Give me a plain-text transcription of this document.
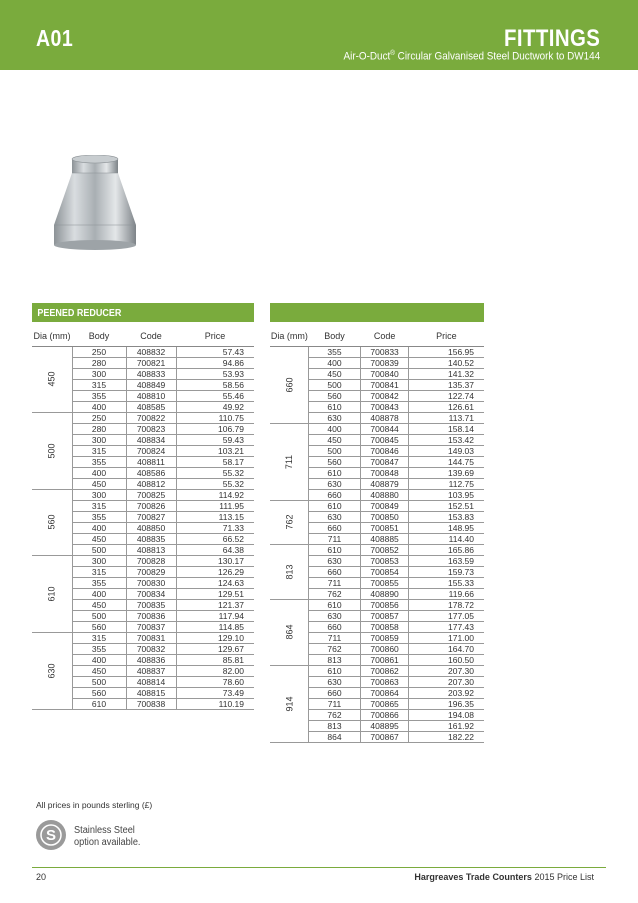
A01	FITTINGS
Air-O-Duct® Circular Galvanised Steel Ductwork to DW144
PEENED REDUCER
Dia (mm)	Body	Code	Price
450	250	408832	57.43
	280	700821	94.86
	300	408833	53.93
	315	408849	58.56
	355	408810	55.46
	400	408585	49.92
500	250	700822	110.75
	280	700823	106.79
	300	408834	59.43
	315	700824	103.21
	355	408811	58.17
	400	408586	55.32
	450	408812	55.32
560	300	700825	114.92
	315	700826	111.95
	355	700827	113.15
	400	408850	71.33
	450	408835	66.52
	500	408813	64.38
610	300	700828	130.17
	315	700829	126.29
	355	700830	124.63
	400	700834	129.51
	450	700835	121.37
	500	700836	117.94
	560	700837	114.85
630	315	700831	129.10
	355	700832	129.67
	400	408836	85.81
	450	408837	82.00
	500	408814	78.60
	560	408815	73.49
	610	700838	110.19
Dia (mm)	Body	Code	Price
660	355	700833	156.95
	400	700839	140.52
	450	700840	141.32
	500	700841	135.37
	560	700842	122.74
	610	700843	126.61
	630	408878	113.71
711	400	700844	158.14
	450	700845	153.42
	500	700846	149.03
	560	700847	144.75
	610	700848	139.69
	630	408879	112.75
	660	408880	103.95
762	610	700849	152.51
	630	700850	153.83
	660	700851	148.95
	711	408885	114.40
813	610	700852	165.86
	630	700853	163.59
	660	700854	159.73
	711	700855	155.33
	762	408890	119.66
864	610	700856	178.72
	630	700857	177.05
	660	700858	177.43
	711	700859	171.00
	762	700860	164.70
	813	700861	160.50
914	610	700862	207.30
	630	700863	207.30
	660	700864	203.92
	711	700865	196.35
	762	700866	194.08
	813	408895	161.92
	864	700867	182.22
All prices in pounds sterling (£)
S Stainless Steel
option available.
20	Hargreaves Trade Counters 2015 Price List
